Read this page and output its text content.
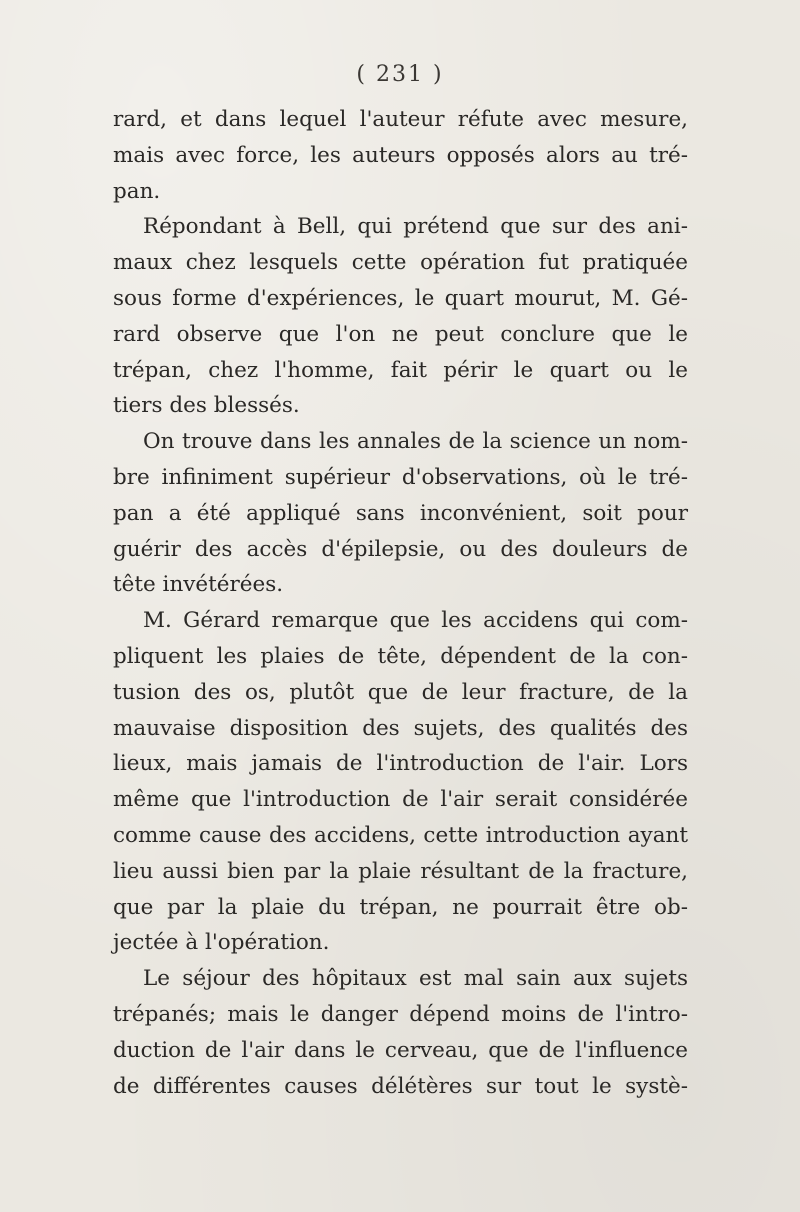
( 231 )
rard, et dans lequel l'auteur réfute avec mesure,
mais avec force, les auteurs opposés alors au tré-
pan.
Répondant à Bell, qui prétend que sur des ani-
maux chez lesquels cette opération fut pratiquée
sous forme d'expériences, le quart mourut, M. Gé-
rard observe que l'on ne peut conclure que le
trépan, chez l'homme, fait périr le quart ou le
tiers des blessés.
On trouve dans les annales de la science un nom-
bre infiniment supérieur d'observations, où le tré-
pan a été appliqué sans inconvénient, soit pour
guérir des accès d'épilepsie, ou des douleurs de
tête invétérées.
M. Gérard remarque que les accidens qui com-
pliquent les plaies de tête, dépendent de la con-
tusion des os, plutôt que de leur fracture, de la
mauvaise disposition des sujets, des qualités des
lieux, mais jamais de l'introduction de l'air. Lors
même que l'introduction de l'air serait considérée
comme cause des accidens, cette introduction ayant
lieu aussi bien par la plaie résultant de la fracture,
que par la plaie du trépan, ne pourrait être ob-
jectée à l'opération.
Le séjour des hôpitaux est mal sain aux sujets
trépanés; mais le danger dépend moins de l'intro-
duction de l'air dans le cerveau, que de l'influence
de différentes causes délétères sur tout le systè-
